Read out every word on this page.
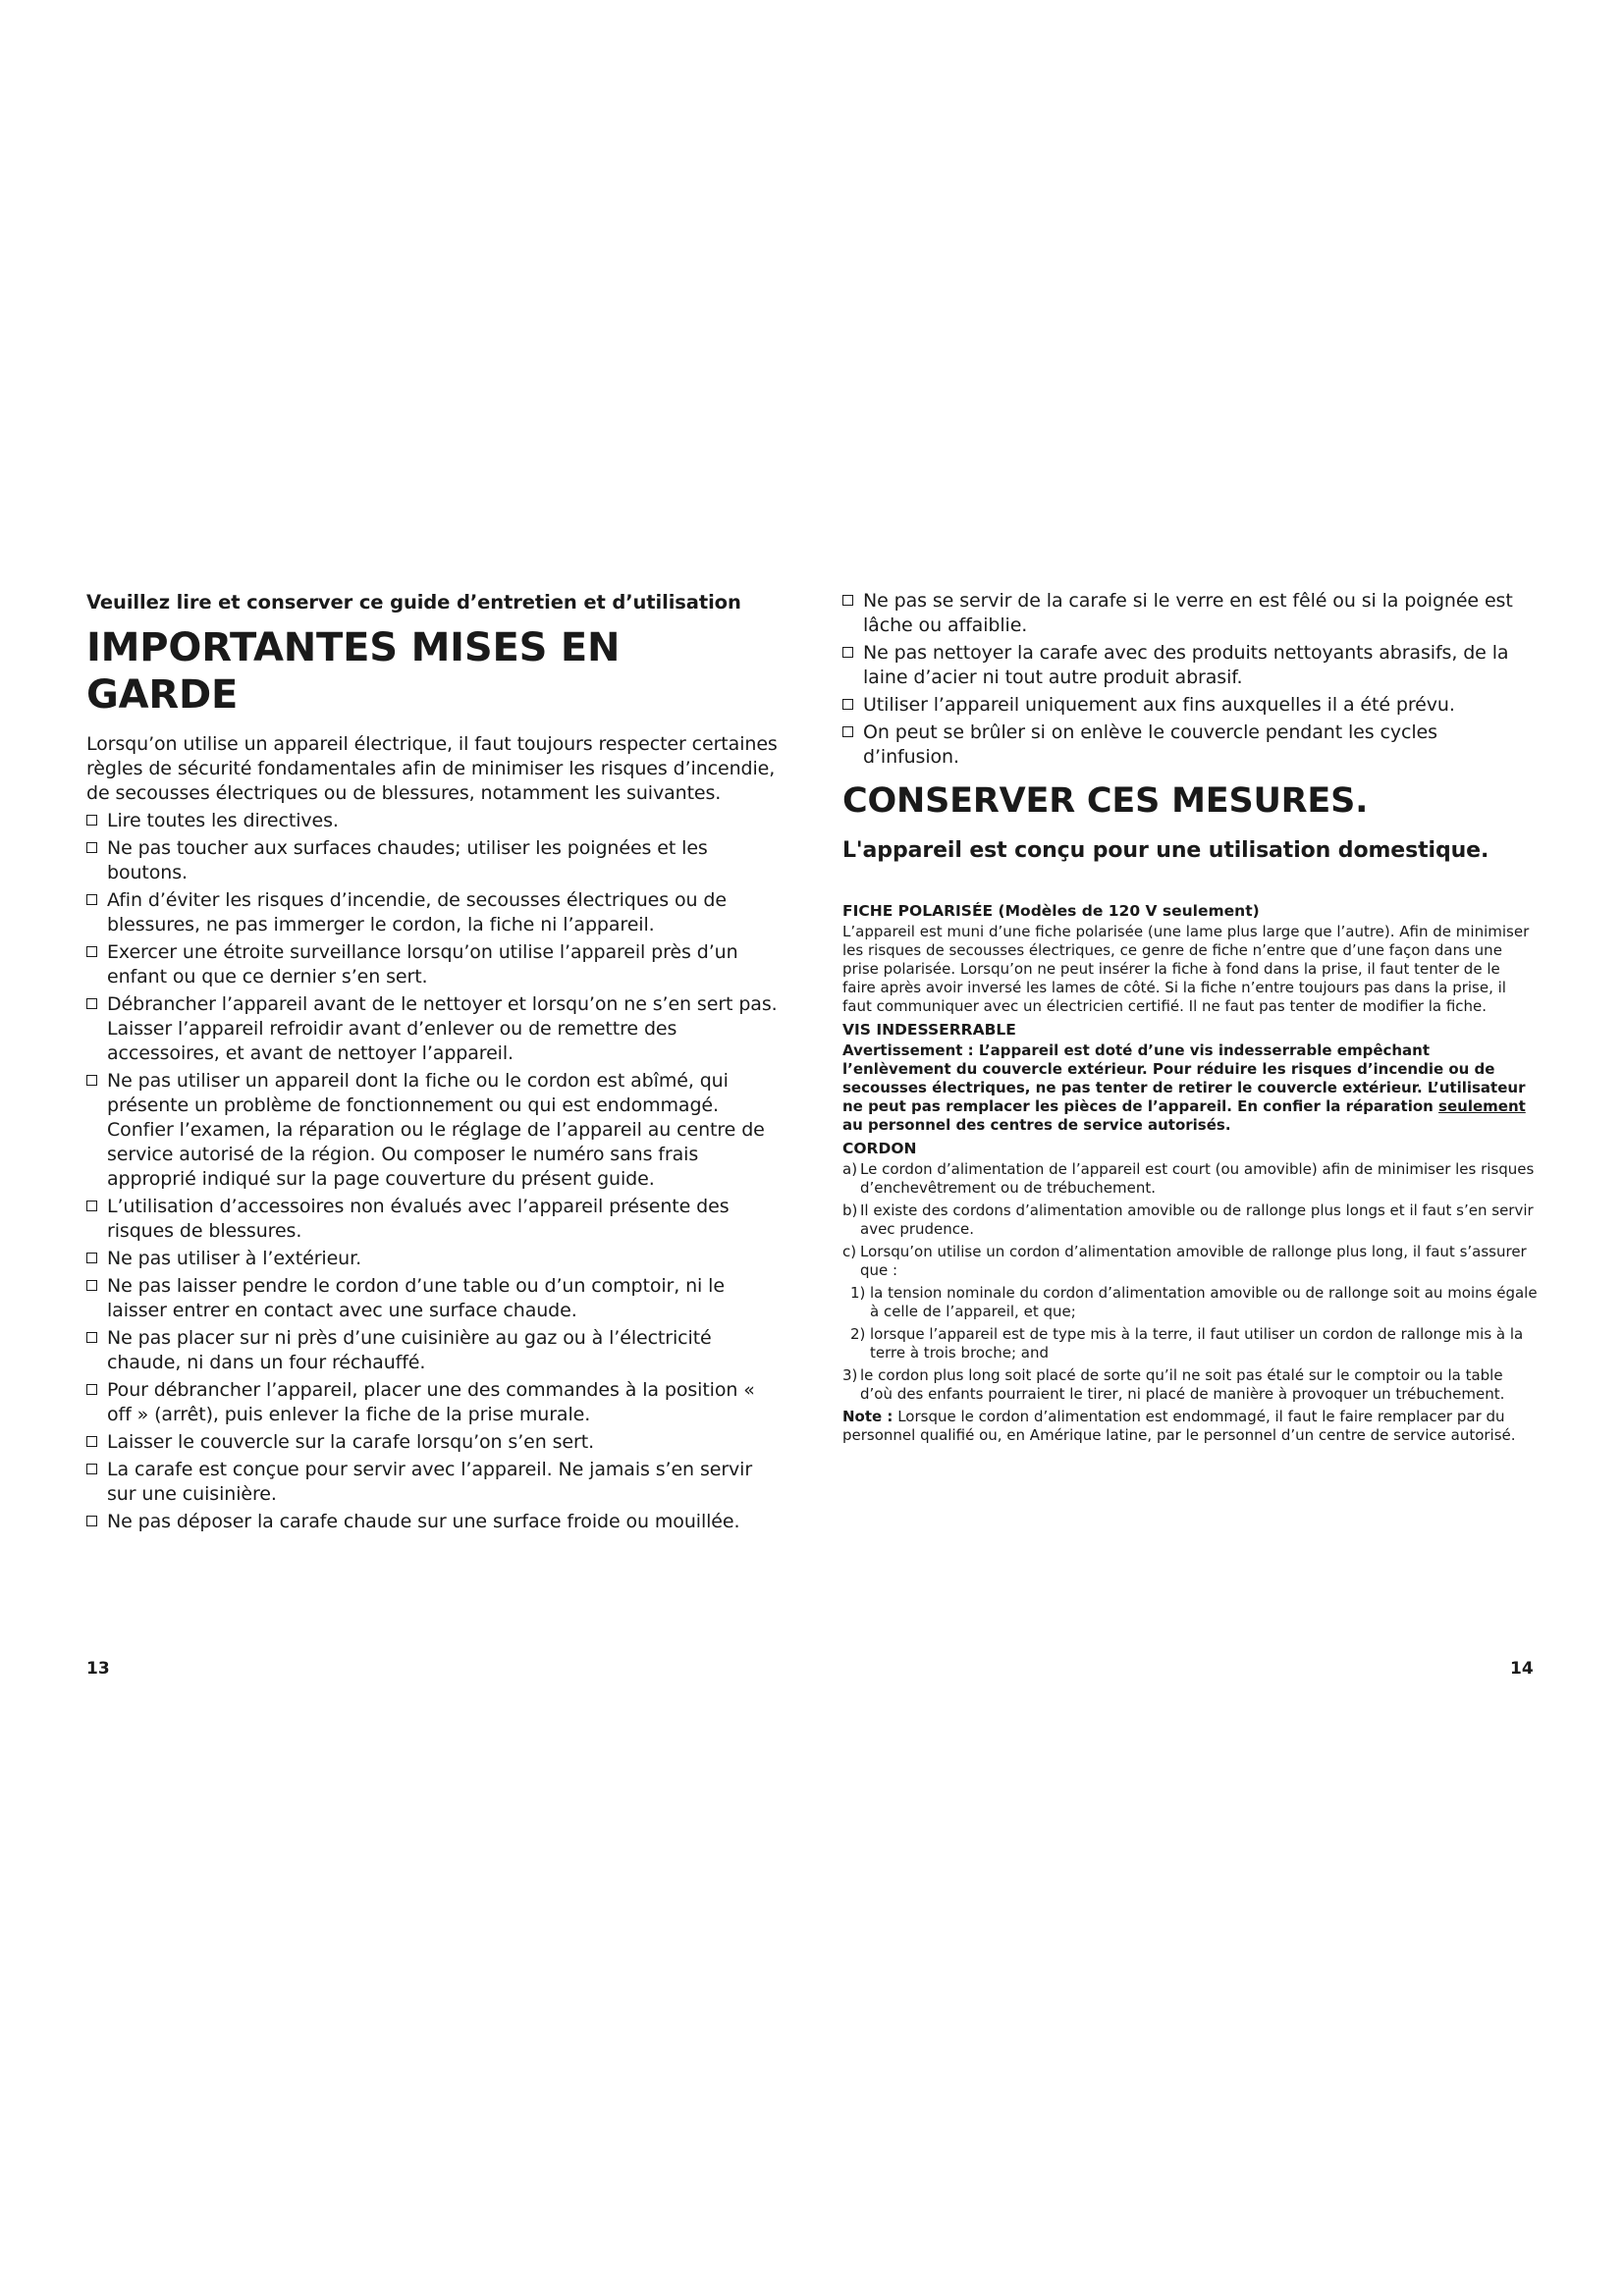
Veuillez lire et conserver ce guide d’entretien et d’utilisation
IMPORTANTES MISES EN GARDE
Lorsqu’on utilise un appareil électrique, il faut toujours respecter certaines règles de sécurité fondamentales afin de minimiser les risques d’incendie, de secousses électriques ou de blessures, notamment les suivantes.
Lire toutes les directives.
Ne pas toucher aux surfaces chaudes; utiliser les poignées et les boutons.
Afin d’éviter les risques d’incendie, de secousses électriques ou de blessures, ne pas immerger le cordon, la fiche ni l’appareil.
Exercer une étroite surveillance lorsqu’on utilise l’appareil près d’un enfant ou que ce dernier s’en sert.
Débrancher l’appareil avant de le nettoyer et lorsqu’on ne s’en sert pas. Laisser l’appareil refroidir avant d’enlever ou de remettre des accessoires, et avant de nettoyer l’appareil.
Ne pas utiliser un appareil dont la fiche ou le cordon est abîmé, qui présente un problème de fonctionnement ou qui est endommagé. Confier l’examen, la réparation ou le réglage de l’appareil au centre de service autorisé de la région. Ou composer le numéro sans frais approprié indiqué sur la page couverture du présent guide.
L’utilisation d’accessoires non évalués avec l’appareil présente des risques de blessures.
Ne pas utiliser à l’extérieur.
Ne pas laisser pendre le cordon d’une table ou d’un comptoir, ni le laisser entrer en contact avec une surface chaude.
Ne pas placer sur ni près d’une cuisinière au gaz ou à l’électricité chaude, ni dans un four réchauffé.
Pour débrancher l’appareil, placer une des commandes à la position « off » (arrêt), puis enlever la fiche de la prise murale.
Laisser le couvercle sur la carafe lorsqu’on s’en sert.
La carafe est conçue pour servir avec l’appareil. Ne jamais s’en servir sur une cuisinière.
Ne pas déposer la carafe chaude sur une surface froide ou mouillée.
Ne pas se servir de la carafe si le verre en est fêlé ou si la poignée est lâche ou affaiblie.
Ne pas nettoyer la carafe avec des produits nettoyants abrasifs, de la laine d’acier ni tout autre produit abrasif.
Utiliser l’appareil uniquement aux fins auxquelles il a été prévu.
On peut se brûler si on enlève le couvercle pendant les cycles d’infusion.
CONSERVER CES MESURES.
L'appareil est conçu pour une utilisation domestique.
FICHE POLARISÉE (Modèles de 120 V seulement)
L’appareil est muni d’une fiche polarisée (une lame plus large que l’autre). Afin de minimiser les risques de secousses électriques, ce genre de fiche n’entre que d’une façon dans une prise polarisée. Lorsqu’on ne peut insérer la fiche à fond dans la prise, il faut tenter de le faire après avoir inversé les lames de côté. Si la fiche n’entre toujours pas dans la prise, il faut communiquer avec un électricien certifié. Il ne faut pas tenter de modifier la fiche.
VIS INDESSERRABLE
Avertissement : L’appareil est doté d’une vis indesserrable empêchant l’enlèvement du couvercle extérieur. Pour réduire les risques d’incendie ou de secousses électriques, ne pas tenter de retirer le couvercle extérieur. L’utilisateur ne peut pas remplacer les pièces de l’appareil. En confier la réparation seulement au personnel des centres de service autorisés.
CORDON
a) Le cordon d’alimentation de l’appareil est court (ou amovible) afin de minimiser les risques d’enchevêtrement ou de trébuchement.
b) Il existe des cordons d’alimentation amovible ou de rallonge plus longs et il faut s’en servir avec prudence.
c) Lorsqu’on utilise un cordon d’alimentation amovible de rallonge plus long, il faut s’assurer que :
1) la tension nominale du cordon d’alimentation amovible ou de rallonge soit au moins égale à celle de l’appareil, et que;
2) lorsque l’appareil est de type mis à la terre, il faut utiliser un cordon de rallonge mis à la terre à trois broche; and
3) le cordon plus long soit placé de sorte qu’il ne soit pas étalé sur le comptoir ou la table d’où des enfants pourraient le tirer, ni placé de manière à provoquer un trébuchement.
Note : Lorsque le cordon d’alimentation est endommagé, il faut le faire remplacer par du personnel qualifié ou, en Amérique latine, par le personnel d’un centre de service autorisé.
13	14
